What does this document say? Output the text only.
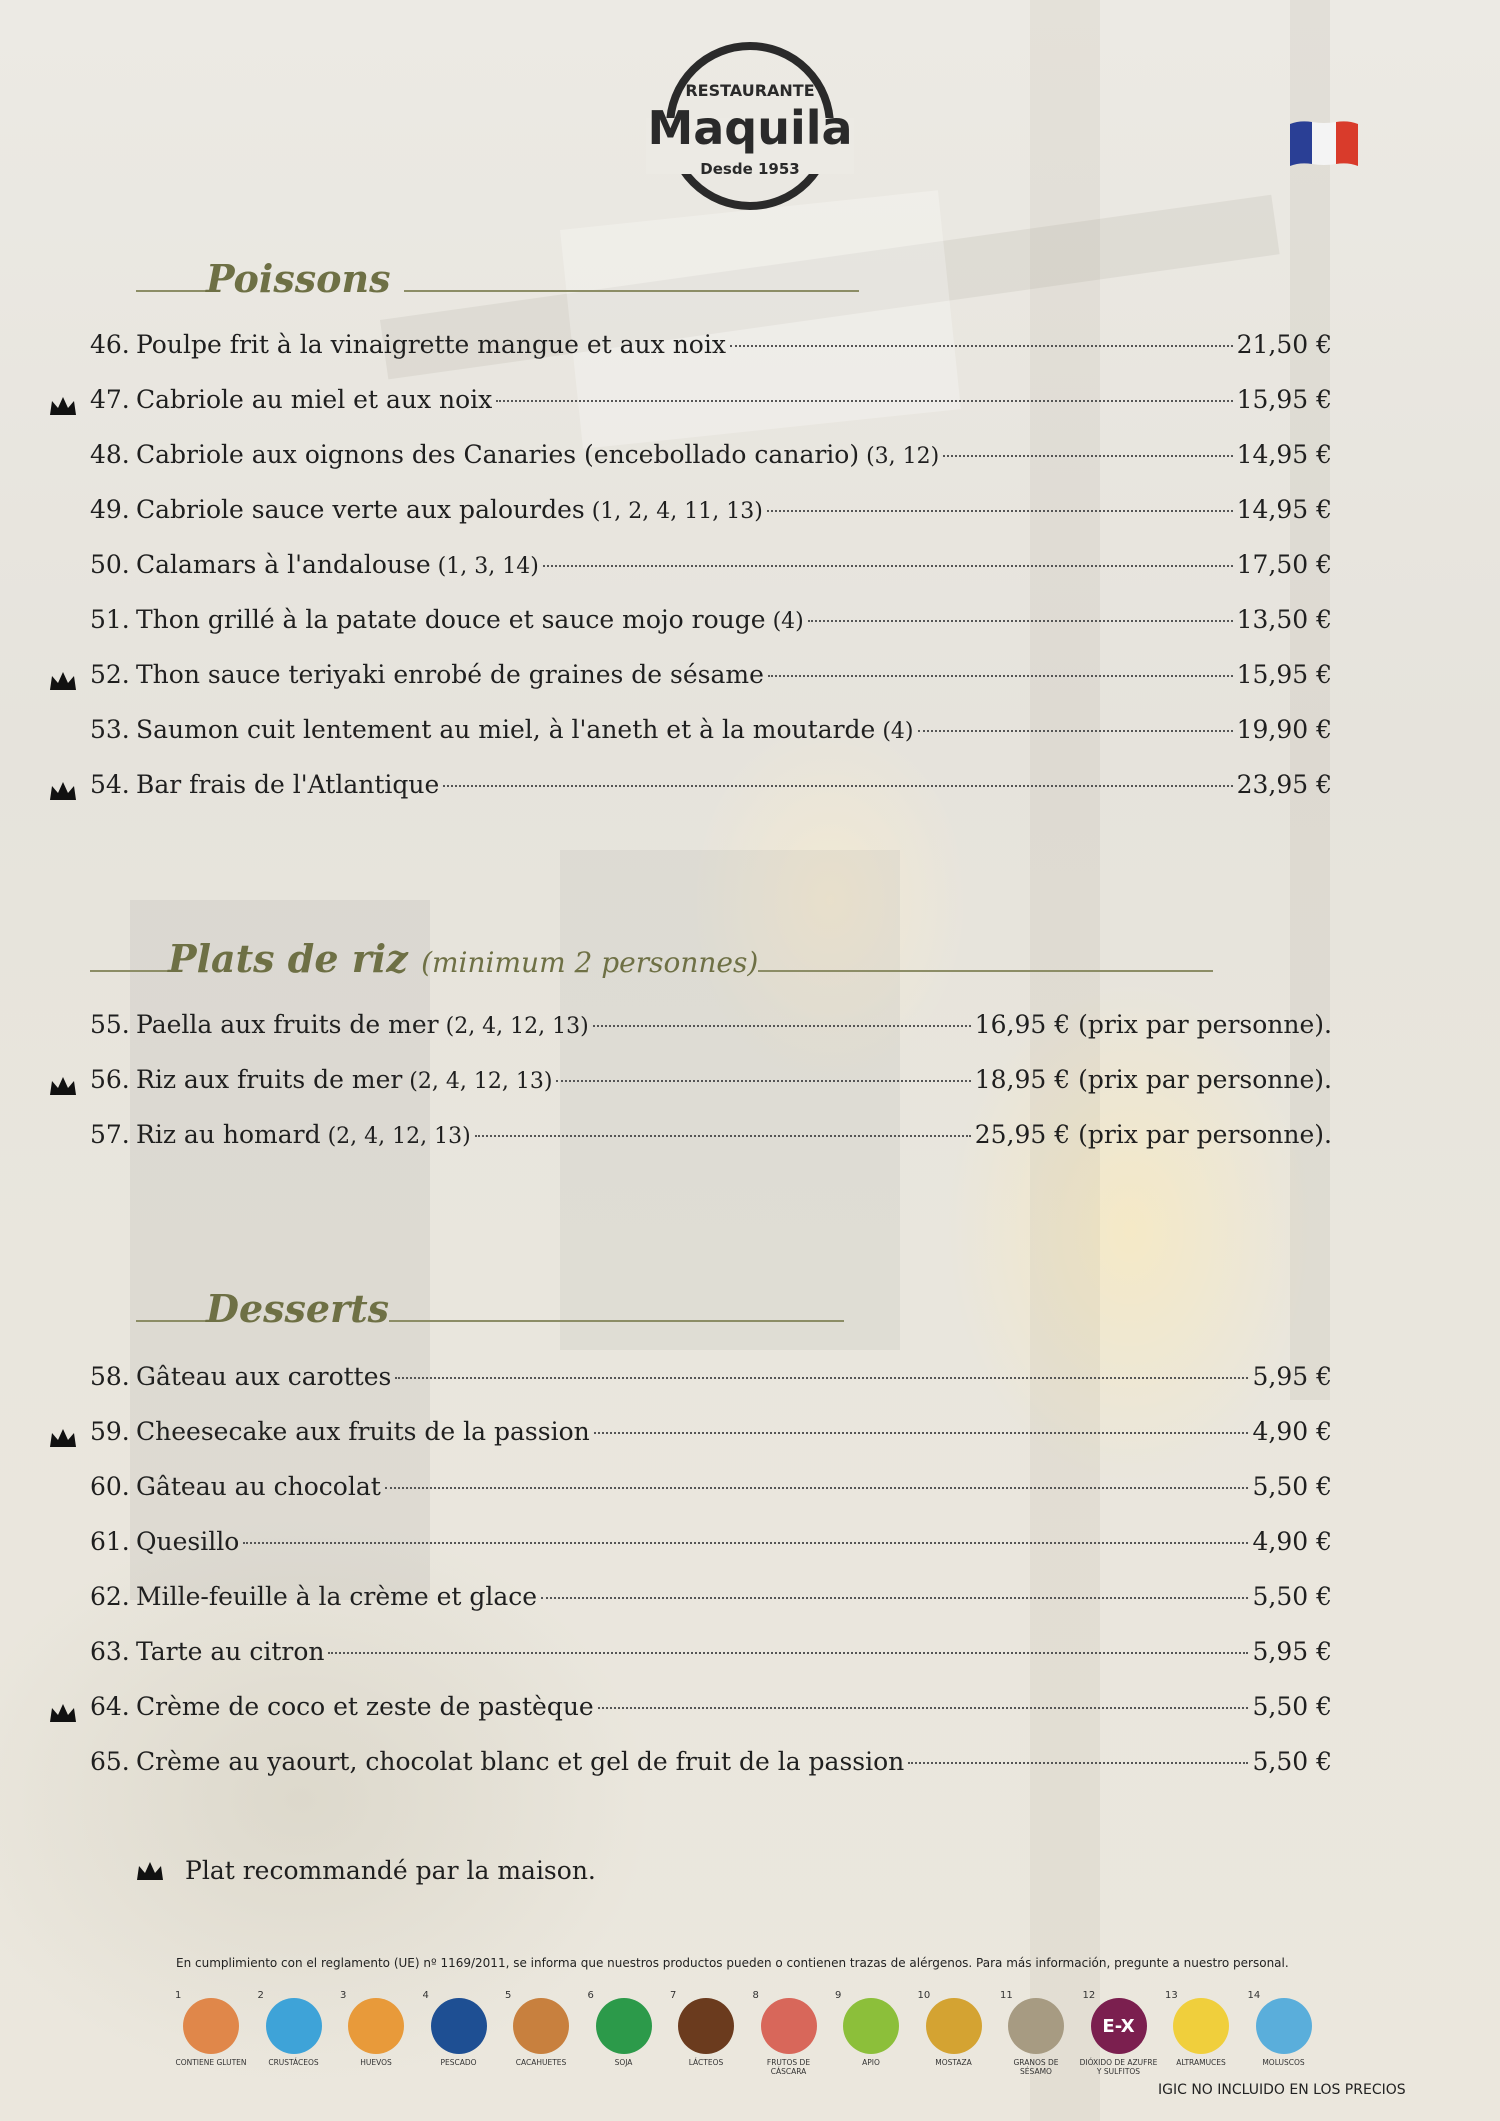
RESTAURANTE
Maquila
Desde 1953
Poissons
46. Poulpe frit à la vinaigrette mangue et aux noix	21,50 €
47. Cabriole au miel et aux noix	15,95 €
48. Cabriole aux oignons des Canaries (encebollado canario) (3, 12)	14,95 €
49. Cabriole sauce verte aux palourdes (1, 2, 4, 11, 13)	14,95 €
50. Calamars à l'andalouse (1, 3, 14)	17,50 €
51. Thon grillé à la patate douce et sauce mojo rouge (4)	13,50 €
52. Thon sauce teriyaki enrobé de graines de sésame	15,95 €
53. Saumon cuit lentement au miel, à l'aneth et à la moutarde (4)	19,90 €
54. Bar frais de l'Atlantique	23,95 €
Plats de riz (minimum 2 personnes)
55. Paella aux fruits de mer (2, 4, 12, 13)	16,95 € (prix par personne).
56. Riz aux fruits de mer (2, 4, 12, 13)	18,95 € (prix par personne).
57. Riz au homard (2, 4, 12, 13)	25,95 € (prix par personne).
Desserts
58. Gâteau aux carottes	5,95 €
59. Cheesecake aux fruits de la passion	4,90 €
60. Gâteau au chocolat	5,50 €
61. Quesillo	4,90 €
62. Mille-feuille à la crème et glace	5,50 €
63. Tarte au citron	5,95 €
64. Crème de coco et zeste de pastèque	5,50 €
65. Crème au yaourt, chocolat blanc et gel de fruit de la passion	5,50 €
Plat recommandé par la maison.
En cumplimiento con el reglamento (UE) nº 1169/2011, se informa que nuestros productos pueden o contienen trazas de alérgenos. Para más información, pregunte a nuestro personal.
1
CONTIENE GLUTEN
2
CRUSTÁCEOS
3
HUEVOS
4
PESCADO
5
CACAHUETES
6
SOJA
7
LÁCTEOS
8
FRUTOS DE CÁSCARA
9
APIO
10
MOSTAZA
11
GRANOS DE SÉSAMO
12
E-X
DIÓXIDO DE AZUFRE Y SULFITOS
13
ALTRAMUCES
14
MOLUSCOS
IGIC NO INCLUIDO EN LOS PRECIOS
